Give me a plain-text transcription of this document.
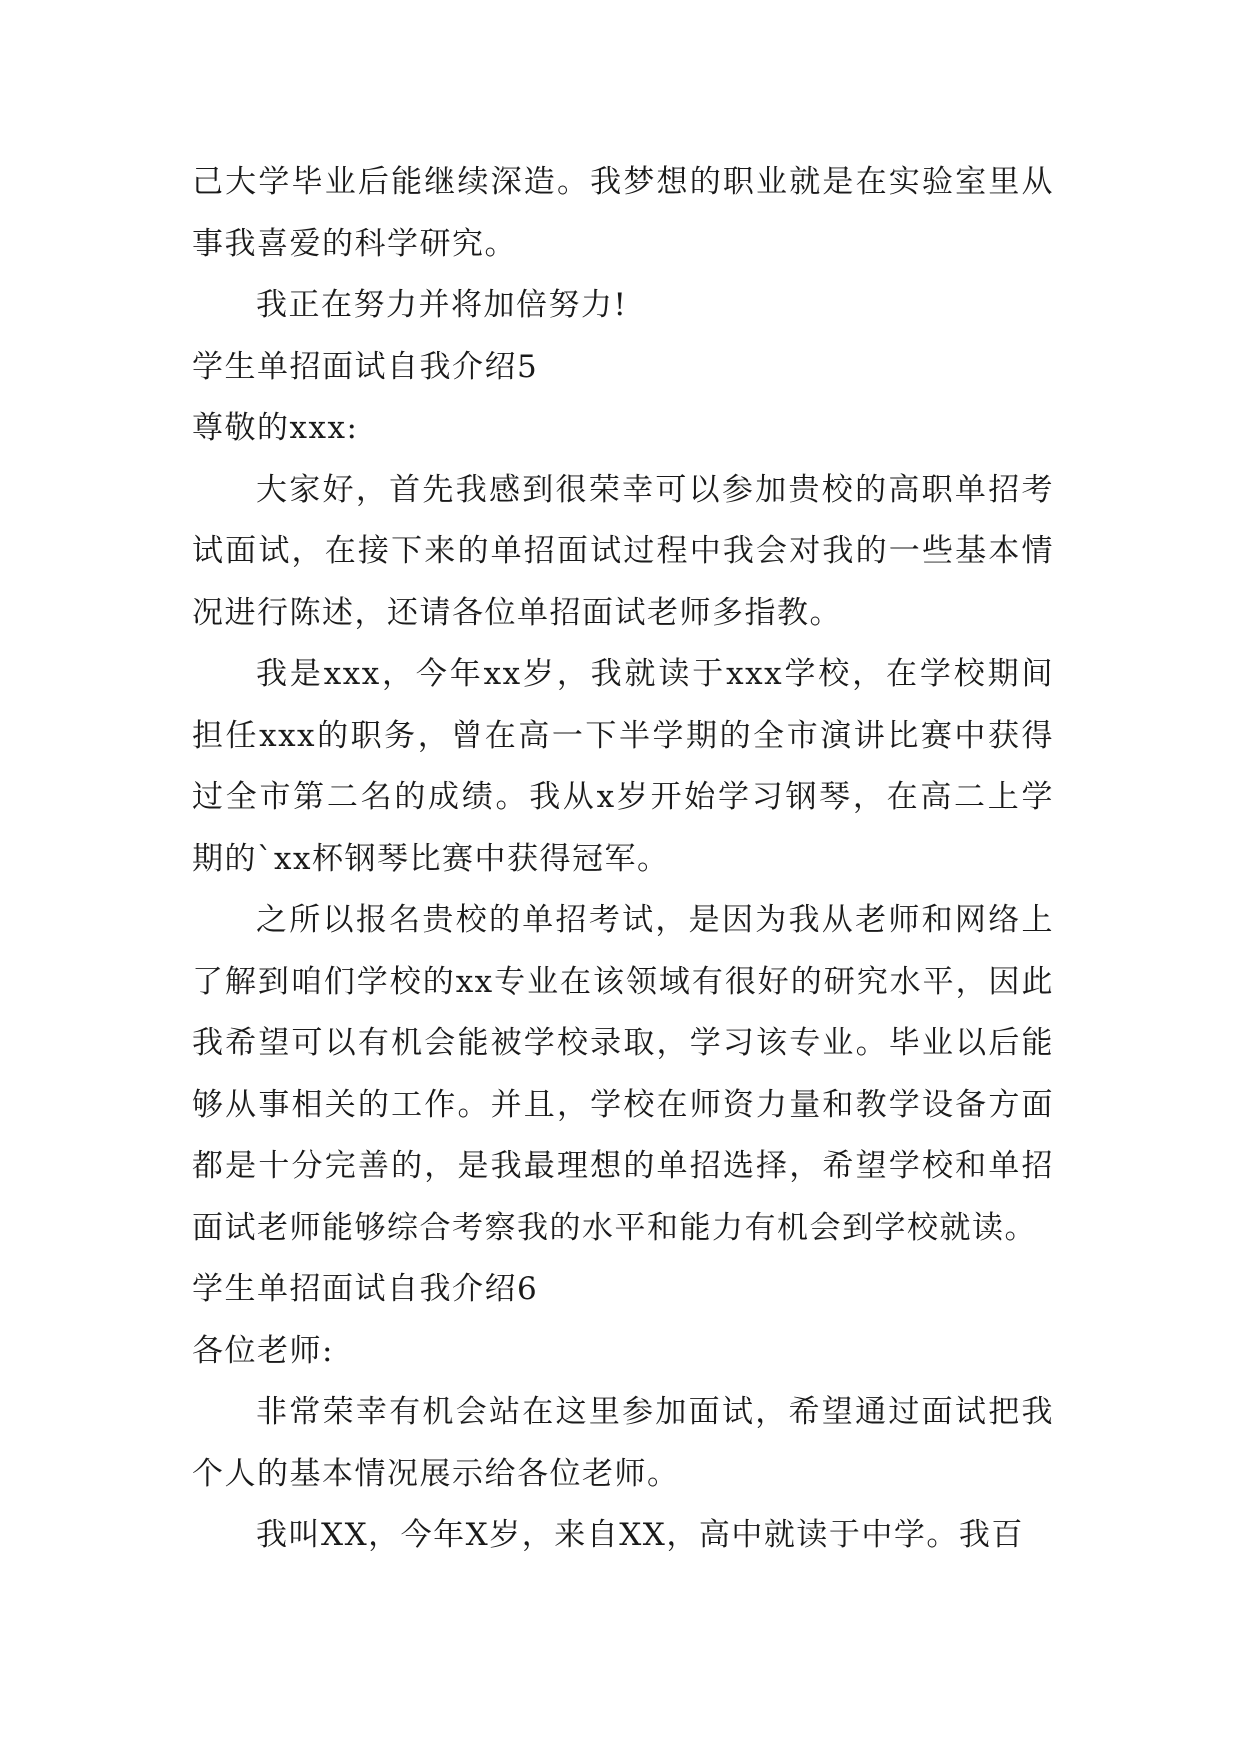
己大学毕业后能继续深造。我梦想的职业就是在实验室里从事我喜爱的科学研究。

我正在努力并将加倍努力!

学生单招面试自我介绍5

尊敬的xxx:

大家好，首先我感到很荣幸可以参加贵校的高职单招考试面试，在接下来的单招面试过程中我会对我的一些基本情况进行陈述，还请各位单招面试老师多指教。

我是xxx，今年xx岁，我就读于xxx学校，在学校期间担任xxx的职务，曾在高一下半学期的全市演讲比赛中获得过全市第二名的成绩。我从x岁开始学习钢琴，在高二上学期的`xx杯钢琴比赛中获得冠军。

之所以报名贵校的单招考试，是因为我从老师和网络上了解到咱们学校的xx专业在该领域有很好的研究水平，因此我希望可以有机会能被学校录取，学习该专业。毕业以后能够从事相关的工作。并且，学校在师资力量和教学设备方面都是十分完善的，是我最理想的单招选择，希望学校和单招面试老师能够综合考察我的水平和能力有机会到学校就读。

学生单招面试自我介绍6

各位老师:

非常荣幸有机会站在这里参加面试，希望通过面试把我个人的基本情况展示给各位老师。

我叫XX，今年X岁，来自XX，高中就读于中学。我百
